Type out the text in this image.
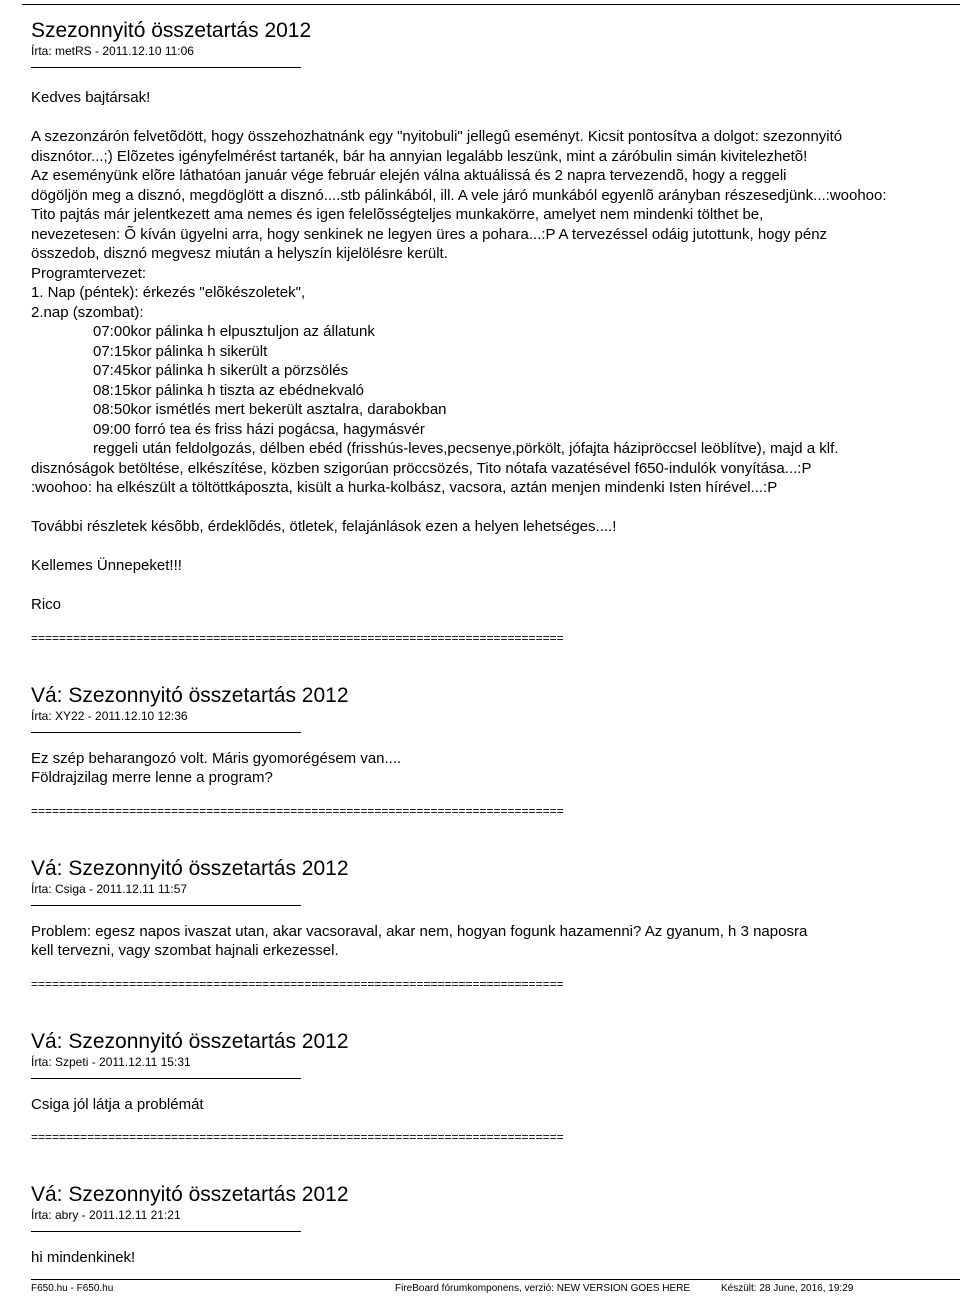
Szezonnyitó összetartás 2012
Írta: metRS - 2011.12.10 11:06
Kedves bajtársak!
A szezonzárón felvetõdött, hogy összehozhatnánk egy "nyitobuli" jellegû eseményt. Kicsit pontosítva a dolgot: szezonnyitó
disznótor...;) Elõzetes igényfelmérést tartanék, bár ha annyian legalább leszünk, mint a záróbulin simán kivitelezhetõ!
Az eseményünk elõre láthatóan január vége február elején válna aktuálissá és 2 napra tervezendõ, hogy a reggeli
dögöljön meg a disznó, megdöglött a disznó....stb pálinkából, ill. A vele járó munkából egyenlõ arányban részesedjünk...:woohoo:
Tito pajtás már jelentkezett ama nemes és igen felelõsségteljes munkakörre, amelyet nem mindenki tölthet be,
nevezetesen: Õ kíván ügyelni arra, hogy senkinek ne legyen üres a pohara...:P A tervezéssel odáig jutottunk, hogy pénz
összedob, disznó megvesz miután a helyszín kijelölésre került.
Programtervezet:
1. Nap (péntek): érkezés "elõkészoletek",
2.nap (szombat):
07:00kor pálinka h elpusztuljon az állatunk
07:15kor pálinka h sikerült
07:45kor pálinka h sikerült a pörzsölés
08:15kor pálinka h tiszta az ebédnekvaló
08:50kor ismétlés mert bekerült asztalra, darabokban
09:00 forró tea és friss házi pogácsa, hagymásvér
reggeli után feldolgozás, délben ebéd (frisshús-leves,pecsenye,pörkölt, jófajta házipröccsel leöblítve), majd a klf.
disznóságok betöltése, elkészítése, közben szigorúan pröccsözés, Tito nótafa vazatésével f650-indulók vonyítása...:P
:woohoo: ha elkészült a töltöttkáposzta, kisült a hurka-kolbász, vacsora, aztán menjen mindenki Isten hírével...:P
További részletek késõbb, érdeklõdés, ötletek, felajánlások ezen a helyen lehetséges....!
Kellemes Ünnepeket!!!
Rico
============================================================================
Vá: Szezonnyitó összetartás 2012
Írta: XY22 - 2011.12.10 12:36
Ez szép beharangozó volt. Máris gyomorégésem van....
Földrajzilag merre lenne a program?
============================================================================
Vá: Szezonnyitó összetartás 2012
Írta: Csiga - 2011.12.11 11:57
Problem: egesz napos ivaszat utan, akar vacsoraval, akar nem, hogyan fogunk hazamenni? Az gyanum, h 3 naposra
kell tervezni, vagy szombat hajnali erkezessel.
============================================================================
Vá: Szezonnyitó összetartás 2012
Írta: Szpeti - 2011.12.11 15:31
Csiga jól látja a problémát
============================================================================
Vá: Szezonnyitó összetartás 2012
Írta: abry - 2011.12.11 21:21
hi mindenkinek!
F650.hu - F650.hu	FireBoard fórumkomponens, verzió: NEW VERSION GOES HERE	Készült: 28 June, 2016, 19:29
